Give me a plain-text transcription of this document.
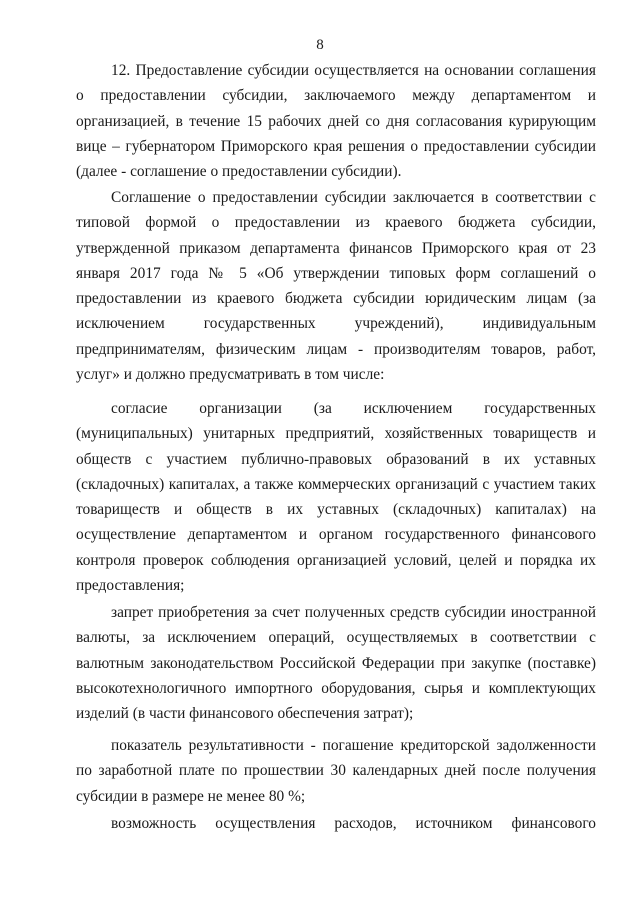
8

12. Предоставление субсидии осуществляется на основании соглашения о предоставлении субсидии, заключаемого между департаментом и организацией, в течение 15 рабочих дней со дня согласования курирующим вице – губернатором Приморского края решения о предоставлении субсидии (далее - соглашение о предоставлении субсидии).

Соглашение о предоставлении субсидии заключается в соответствии с типовой формой о предоставлении из краевого бюджета субсидии, утвержденной приказом департамента финансов Приморского края от 23 января 2017 года № 5 «Об утверждении типовых форм соглашений о предоставлении из краевого бюджета субсидии юридическим лицам (за исключением государственных учреждений), индивидуальным предпринимателям, физическим лицам - производителям товаров, работ, услуг» и должно предусматривать в том числе:

согласие организации (за исключением государственных (муниципальных) унитарных предприятий, хозяйственных товариществ и обществ с участием публично-правовых образований в их уставных (складочных) капиталах, а также коммерческих организаций с участием таких товариществ и обществ в их уставных (складочных) капиталах) на осуществление департаментом и органом государственного финансового контроля проверок соблюдения организацией условий, целей и порядка их предоставления;

запрет приобретения за счет полученных средств субсидии иностранной валюты, за исключением операций, осуществляемых в соответствии с валютным законодательством Российской Федерации при закупке (поставке) высокотехнологичного импортного оборудования, сырья и комплектующих изделий (в части финансового обеспечения затрат);

показатель результативности - погашение кредиторской задолженности по заработной плате по прошествии 30 календарных дней после получения субсидии в размере не менее 80 %;

возможность осуществления расходов, источником финансового
